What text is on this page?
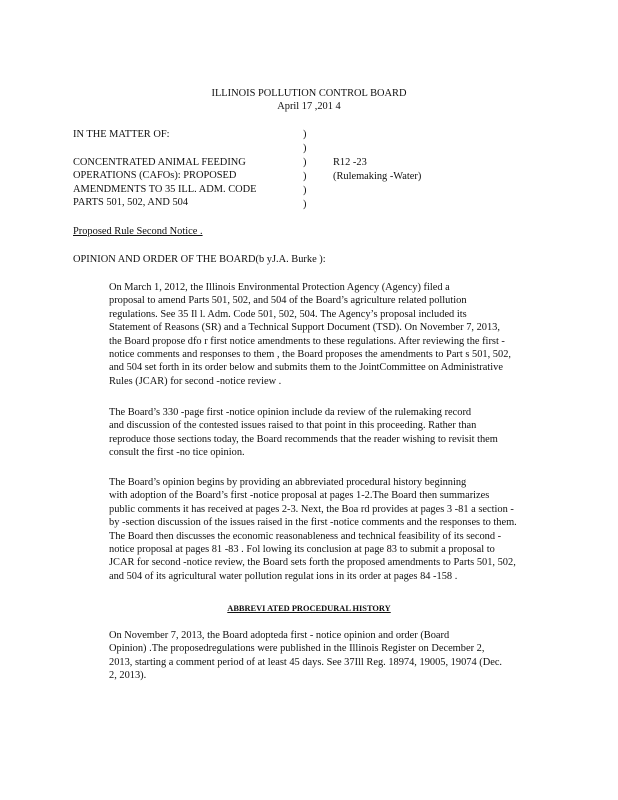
ILLINOIS POLLUTION CONTROL BOARD
April 17 ,201 4
IN THE MATTER OF:
CONCENTRATED ANIMAL FEEDING
OPERATIONS (CAFOs): PROPOSED
AMENDMENTS TO 35 ILL. ADM. CODE
PARTS 501, 502, AND 504
)
)
)
)
)
)
R12 -23
(Rulemaking -Water)
Proposed Rule Second Notice .
OPINION AND ORDER OF THE BOARD(b yJ.A. Burke ):
On March 1, 2012, the Illinois Environmental Protection Agency (Agency) filed a
proposal to amend Parts 501, 502, and 504 of the Board’s agriculture related pollution
regulations. See 35 Il l. Adm. Code 501, 502, 504. The Agency’s proposal included its
Statement of Reasons (SR) and a Technical Support Document (TSD). On November 7, 2013,
the Board propose dfo r first notice amendments to these regulations. After reviewing the first -
notice comments and responses to them , the Board proposes the amendments to Part s 501, 502,
and 504 set forth in its order below and submits them to the JointCommittee on Administrative
Rules (JCAR) for second -notice review .
The Board’s 330 -page first -notice opinion include da review of the rulemaking record
and discussion of the contested issues raised to that point in this proceeding. Rather than
reproduce those sections today, the Board recommends that the reader wishing to revisit them
consult the first -no tice opinion.
The Board’s opinion begins by providing an abbreviated procedural history beginning
with adoption of the Board’s first -notice proposal at pages 1-2.The Board then summarizes
public comments it has received at pages 2-3. Next, the Boa rd provides at pages 3 -81 a section -
by -section discussion of the issues raised in the first -notice comments and the responses to them.
The Board then discusses the economic reasonableness and technical feasibility of its second -
notice proposal at pages 81 -83 . Fol lowing its conclusion at page 83 to submit a proposal to
JCAR for second -notice review, the Board sets forth the proposed amendments to Parts 501, 502,
and 504 of its agricultural water pollution regulat ions in its order at pages 84 -158 .
ABBREVI ATED PROCEDURAL HISTORY
On November 7, 2013, the Board adopteda first - notice opinion and order (Board
Opinion) .The proposedregulations were published in the Illinois Register on December 2,
2013, starting a comment period of at least 45 days. See 37Ill Reg. 18974, 19005, 19074 (Dec.
2, 2013).
